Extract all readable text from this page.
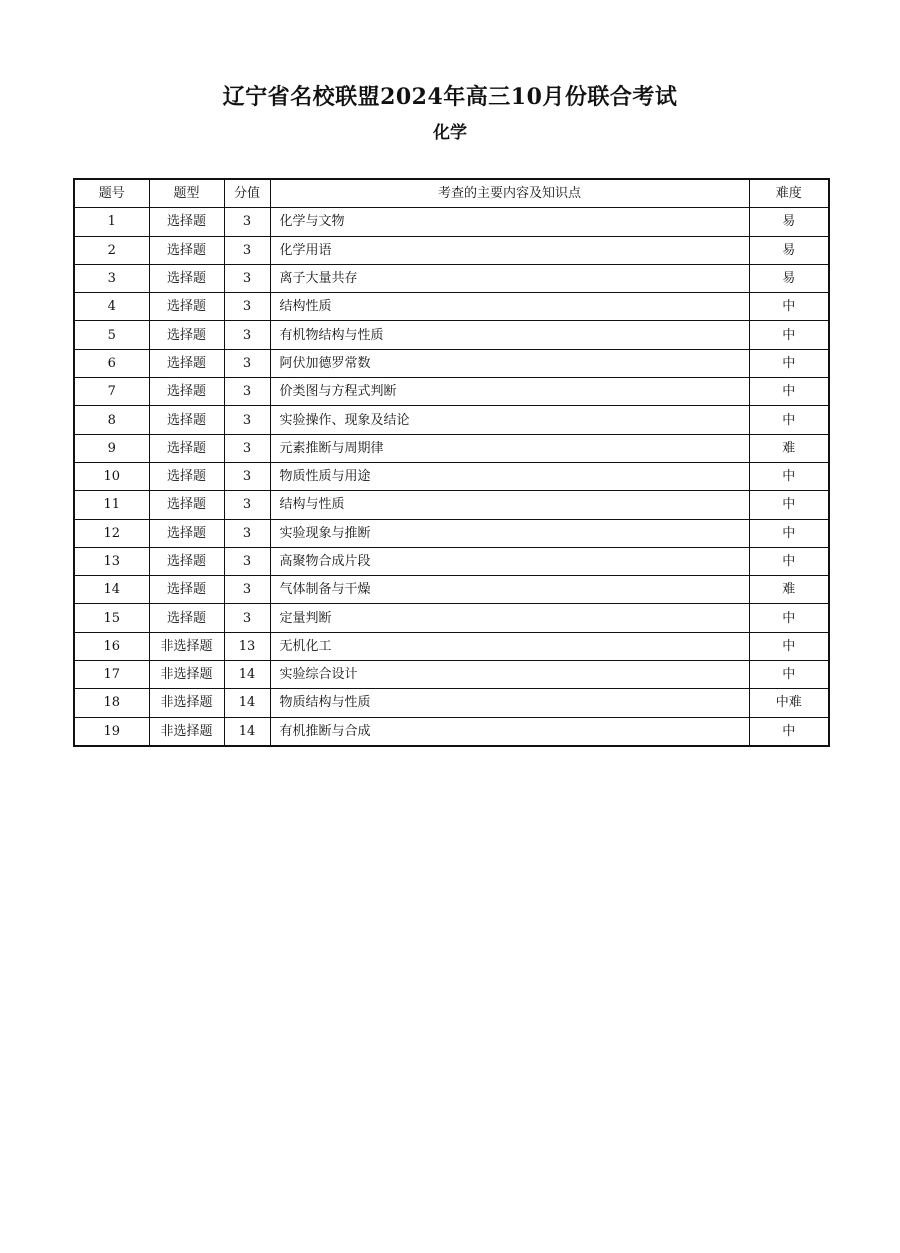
辽宁省名校联盟2024年高三10月份联合考试
化学
题号	题型	分值	考查的主要内容及知识点	难度
1	选择题	3	化学与文物	易
2	选择题	3	化学用语	易
3	选择题	3	离子大量共存	易
4	选择题	3	结构性质	中
5	选择题	3	有机物结构与性质	中
6	选择题	3	阿伏加德罗常数	中
7	选择题	3	价类图与方程式判断	中
8	选择题	3	实验操作、现象及结论	中
9	选择题	3	元素推断与周期律	难
10	选择题	3	物质性质与用途	中
11	选择题	3	结构与性质	中
12	选择题	3	实验现象与推断	中
13	选择题	3	高聚物合成片段	中
14	选择题	3	气体制备与干燥	难
15	选择题	3	定量判断	中
16	非选择题	13	无机化工	中
17	非选择题	14	实验综合设计	中
18	非选择题	14	物质结构与性质	中难
19	非选择题	14	有机推断与合成	中
